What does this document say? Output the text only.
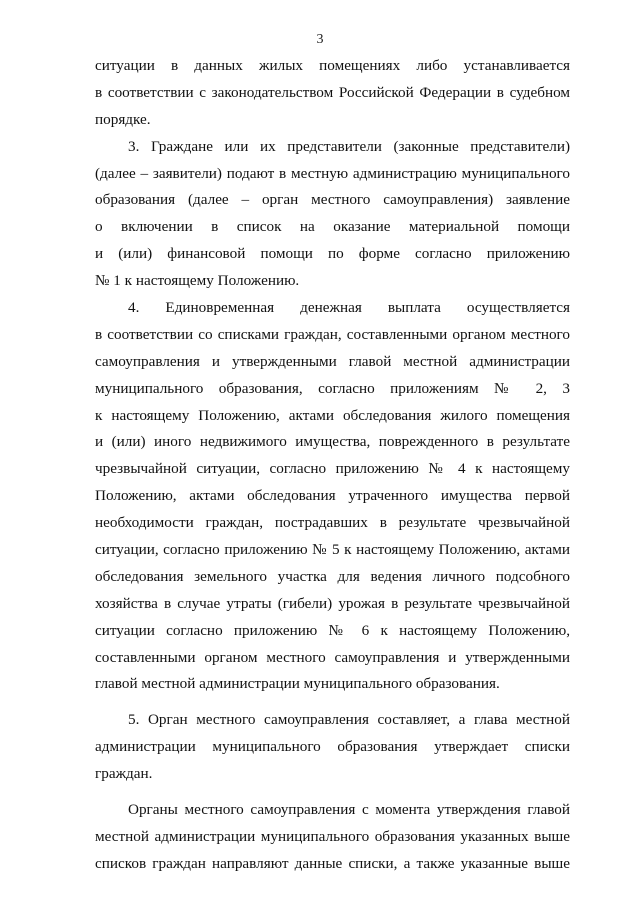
3
ситуации в данных жилых помещениях либо устанавливается
в соответствии с законодательством Российской Федерации в судебном
порядке.
3. Граждане или их представители (законные представители)
(далее – заявители) подают в местную администрацию муниципального
образования (далее – орган местного самоуправления) заявление
о включении в список на оказание материальной помощи
и (или) финансовой помощи по форме согласно приложению
№ 1 к настоящему Положению.
4. Единовременная денежная выплата осуществляется
в соответствии со списками граждан, составленными органом местного
самоуправления и утвержденными главой местной администрации
муниципального образования, согласно приложениям № 2, 3
к настоящему Положению, актами обследования жилого помещения
и (или) иного недвижимого имущества, поврежденного в результате
чрезвычайной ситуации, согласно приложению № 4 к настоящему
Положению, актами обследования утраченного имущества первой
необходимости граждан, пострадавших в результате чрезвычайной
ситуации, согласно приложению № 5 к настоящему Положению, актами
обследования земельного участка для ведения личного подсобного
хозяйства в случае утраты (гибели) урожая в результате чрезвычайной
ситуации согласно приложению № 6 к настоящему Положению,
составленными органом местного самоуправления и утвержденными
главой местной администрации муниципального образования.
5. Орган местного самоуправления составляет, а глава местной
администрации муниципального образования утверждает списки
граждан.
Органы местного самоуправления с момента утверждения главой
местной администрации муниципального образования указанных выше
списков граждан направляют данные списки, а также указанные выше
